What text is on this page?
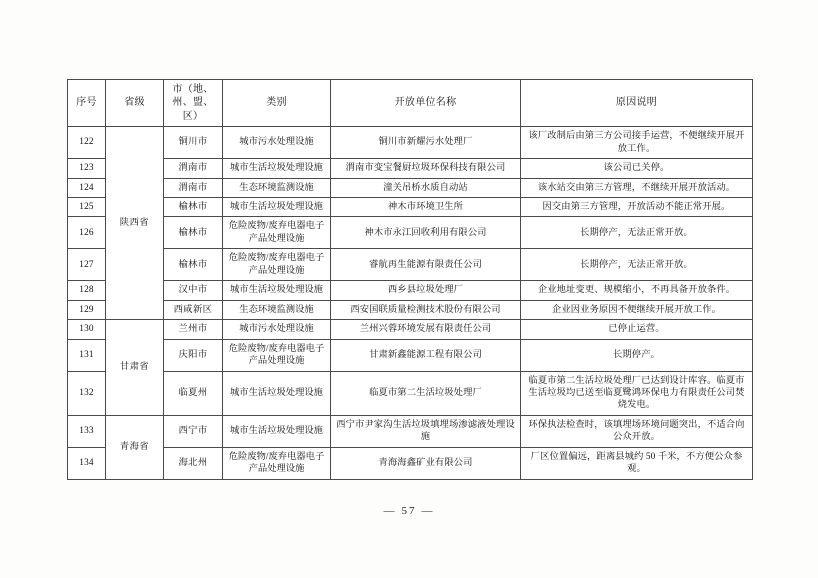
序号	省级	市（地、州、盟、区）	类别	开放单位名称	原因说明
122	陕西省	铜川市	城市污水处理设施	铜川市新耀污水处理厂	该厂改制后由第三方公司接手运营，不便继续开展开放工作。
123		渭南市	城市生活垃圾处理设施	渭南市变宝餐厨垃圾环保科技有限公司	该公司已关停。
124		渭南市	生态环境监测设施	潼关吊桥水质自动站	该水站交由第三方管理，不继续开展开放活动。
125		榆林市	城市生活垃圾处理设施	神木市环境卫生所	因交由第三方管理，开放活动不能正常开展。
126		榆林市	危险废物/废弃电器电子产品处理设施	神木市永江回收利用有限公司	长期停产，无法正常开放。
127		榆林市	危险废物/废弃电器电子产品处理设施	睿航再生能源有限责任公司	长期停产，无法正常开放。
128		汉中市	城市生活垃圾处理设施	西乡县垃圾处理厂	企业地址变更、规模缩小，不再具备开放条件。
129		西咸新区	生态环境监测设施	西安国联质量检测技术股份有限公司	企业因业务原因不便继续开展开放工作。
130	甘肃省	兰州市	城市污水处理设施	兰州兴蓉环境发展有限责任公司	已停止运营。
131		庆阳市	危险废物/废弃电器电子产品处理设施	甘肃新鑫能源工程有限公司	长期停产。
132		临夏州	城市生活垃圾处理设施	临夏市第二生活垃圾处理厂	临夏市第二生活垃圾处理厂已达到设计库容。临夏市生活垃圾均已送至临夏鹭鸿环保电力有限责任公司焚烧发电。
133	青海省	西宁市	城市生活垃圾处理设施	西宁市尹家沟生活垃圾填埋场渗滤液处理设施	环保执法检查时，该填埋场环境问题突出，不适合向公众开放。
134		海北州	危险废物/废弃电器电子产品处理设施	青海海鑫矿业有限公司	厂区位置偏远，距离县城约 50 千米，不方便公众参观。
— 57 —
